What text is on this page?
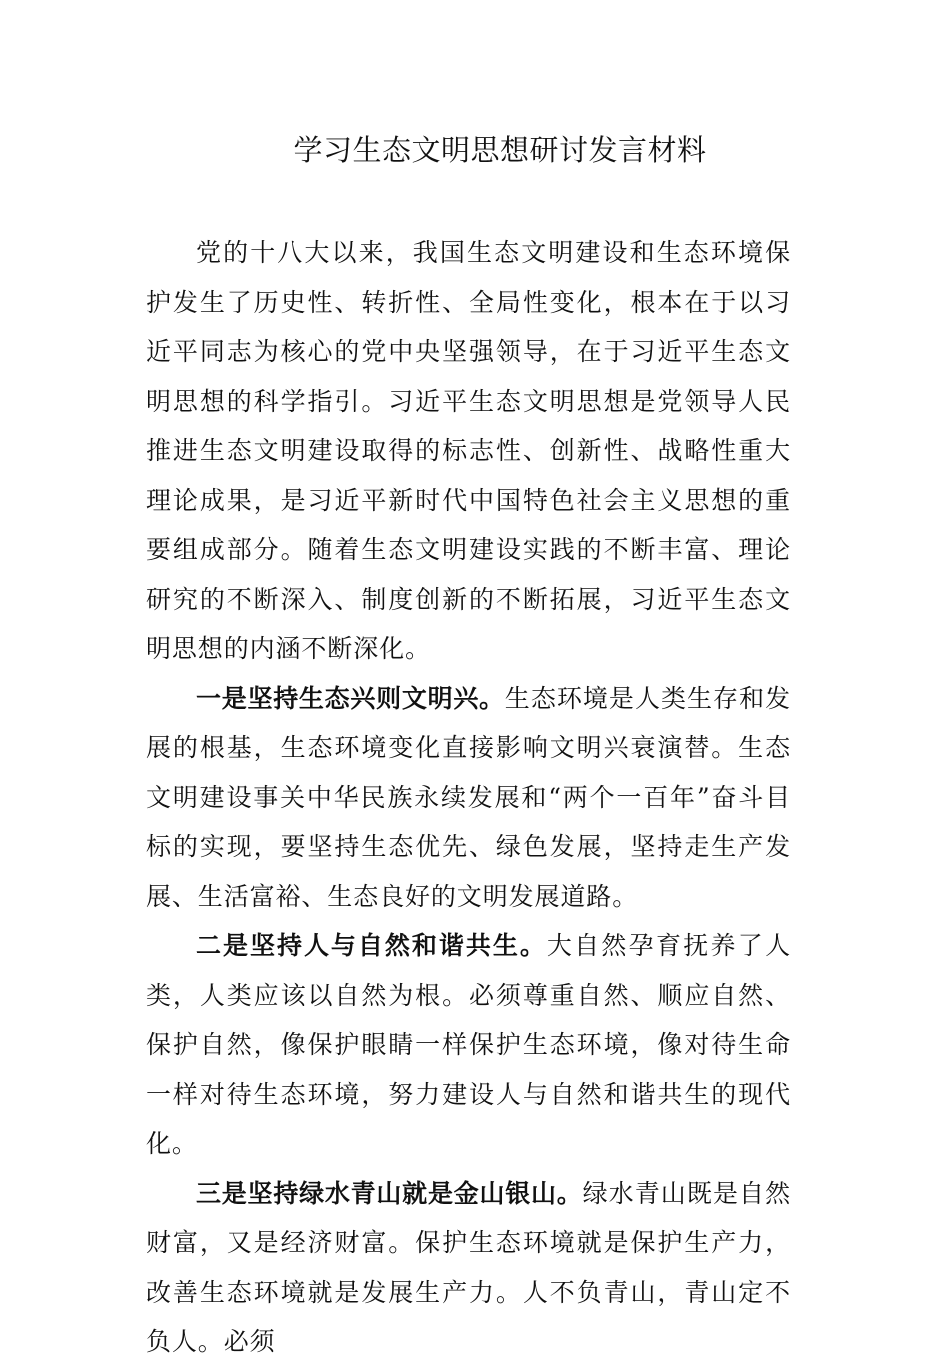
学习生态文明思想研讨发言材料

党的十八大以来，我国生态文明建设和生态环境保护发生了历史性、转折性、全局性变化，根本在于以习近平同志为核心的党中央坚强领导，在于习近平生态文明思想的科学指引。习近平生态文明思想是党领导人民推进生态文明建设取得的标志性、创新性、战略性重大理论成果，是习近平新时代中国特色社会主义思想的重要组成部分。随着生态文明建设实践的不断丰富、理论研究的不断深入、制度创新的不断拓展，习近平生态文明思想的内涵不断深化。

一是坚持生态兴则文明兴。生态环境是人类生存和发展的根基，生态环境变化直接影响文明兴衰演替。生态文明建设事关中华民族永续发展和“两个一百年”奋斗目标的实现，要坚持生态优先、绿色发展，坚持走生产发展、生活富裕、生态良好的文明发展道路。

二是坚持人与自然和谐共生。大自然孕育抚养了人类，人类应该以自然为根。必须尊重自然、顺应自然、保护自然，像保护眼睛一样保护生态环境，像对待生命一样对待生态环境，努力建设人与自然和谐共生的现代化。

三是坚持绿水青山就是金山银山。绿水青山既是自然财富，又是经济财富。保护生态环境就是保护生产力，改善生态环境就是发展生产力。人不负青山，青山定不负人。必须
